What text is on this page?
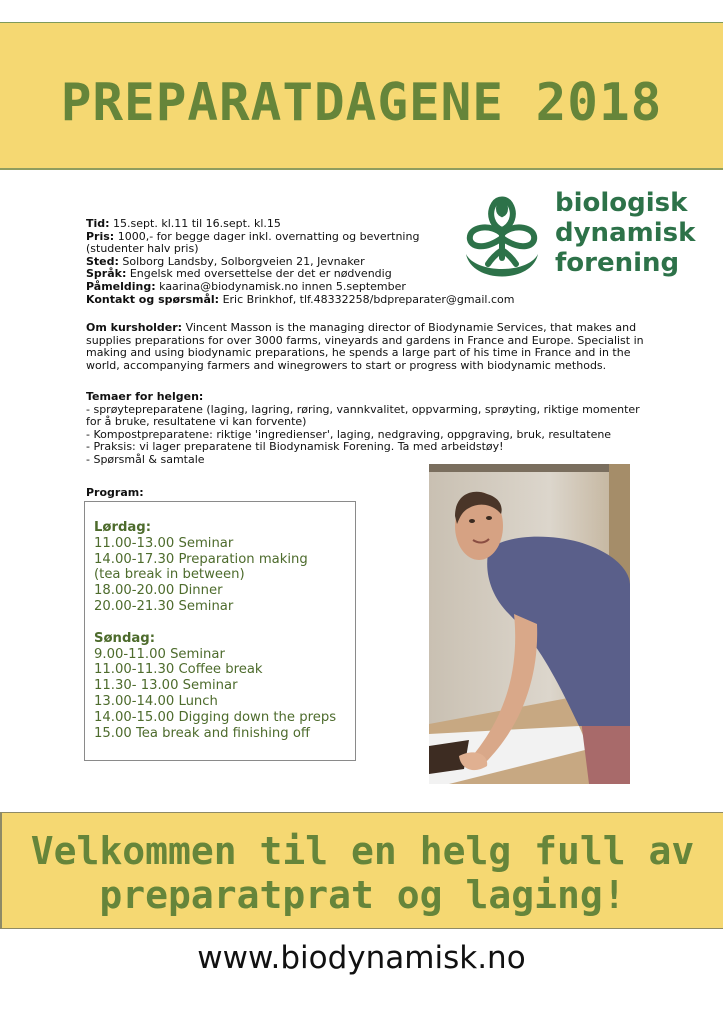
PREPARATDAGENE 2018
Tid: 15.sept. kl.11 til 16.sept. kl.15
Pris: 1000,- for begge dager inkl. overnatting og bevertning
(studenter halv pris)
Sted: Solborg Landsby, Solborgveien 21, Jevnaker
Språk: Engelsk med oversettelse der det er nødvendig
Påmelding: kaarina@biodynamisk.no innen 5.september
Kontakt og spørsmål: Eric Brinkhof, tlf.48332258/bdpreparater@gmail.com
biologisk
dynamisk
forening
Om kursholder: Vincent Masson is the managing director of Biodynamie Services, that makes and supplies preparations for over 3000 farms, vineyards and gardens in France and Europe. Specialist in making and using biodynamic preparations, he spends a large part of his time in France and in the world, accompanying farmers and winegrowers to start or progress with biodynamic methods.
Temaer for helgen:
- sprøytepreparatene (laging, lagring, røring, vannkvalitet, oppvarming, sprøyting, riktige momenter for å bruke, resultatene vi kan forvente)
- Kompostpreparatene: riktige 'ingredienser', laging, nedgraving, oppgraving, bruk, resultatene
- Praksis: vi lager preparatene til Biodynamisk Forening. Ta med arbeidstøy!
- Spørsmål & samtale
Program:
Lørdag:
11.00-13.00 Seminar
14.00-17.30 Preparation making
(tea break in between)
18.00-20.00 Dinner
20.00-21.30 Seminar
Søndag:
9.00-11.00 Seminar
11.00-11.30 Coffee break
11.30- 13.00 Seminar
13.00-14.00 Lunch
14.00-15.00 Digging down the preps
15.00 Tea break and finishing off
Velkommen til en helg full av
preparatprat og laging!
www.biodynamisk.no
